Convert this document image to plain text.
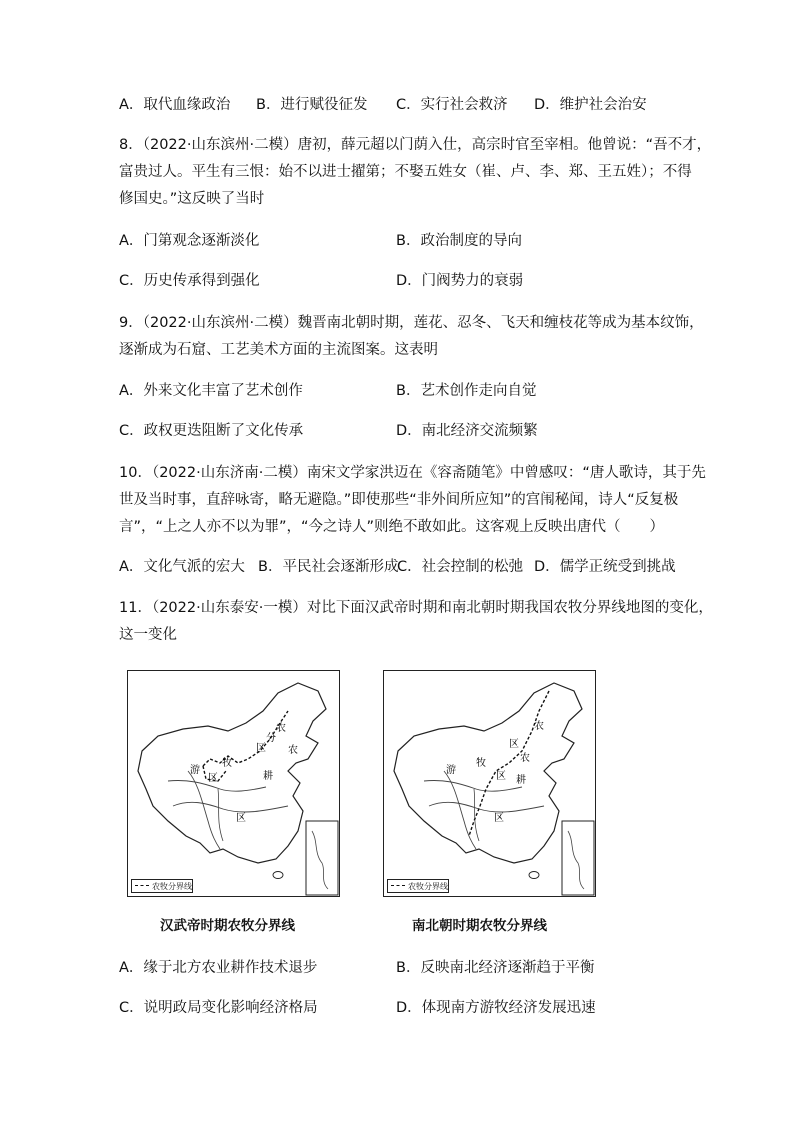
A．取代血缘政治 B．进行赋役征发 C．实行社会救济 D．维护社会治安
8．（2022·山东滨州·二模）唐初，薛元超以门荫入仕，高宗时官至宰相。他曾说：“吾不才，
富贵过人。平生有三恨：始不以进士擢第；不娶五姓女（崔、卢、李、郑、王五姓）；不得
修国史。”这反映了当时
A．门第观念逐渐淡化	B．政治制度的导向
C．历史传承得到强化	D．门阀势力的衰弱
9．（2022·山东滨州·二模）魏晋南北朝时期，莲花、忍冬、飞天和缠枝花等成为基本纹饰，
逐渐成为石窟、工艺美术方面的主流图案。这表明
A．外来文化丰富了艺术创作	B．艺术创作走向自觉
C．政权更迭阻断了文化传承	D．南北经济交流频繁
10．（2022·山东济南·二模）南宋文学家洪迈在《容斋随笔》中曾感叹：“唐人歌诗，其于先
世及当时事，直辞咏寄，略无避隐。”即使那些“非外间所应知”的宫闱秘闻，诗人“反复极
言”，“上之人亦不以为罪”，“今之诗人”则绝不敢如此。这客观上反映出唐代（　　）
A．文化气派的宏大 B．平民社会逐渐形成
C．社会控制的松弛 D．儒学正统受到挑战
11．（2022·山东泰安·一模）对比下面汉武帝时期和南北朝时期我国农牧分界线地图的变化，
这一变化
游
牧
区
农
耕
区
农
分
区
农牧分界线
汉武帝时期农牧分界线
游
牧
区
农
耕
区
区
农
农牧分界线
南北朝时期农牧分界线
A．缘于北方农业耕作技术退步	B．反映南北经济逐渐趋于平衡
C．说明政局变化影响经济格局	D．体现南方游牧经济发展迅速
